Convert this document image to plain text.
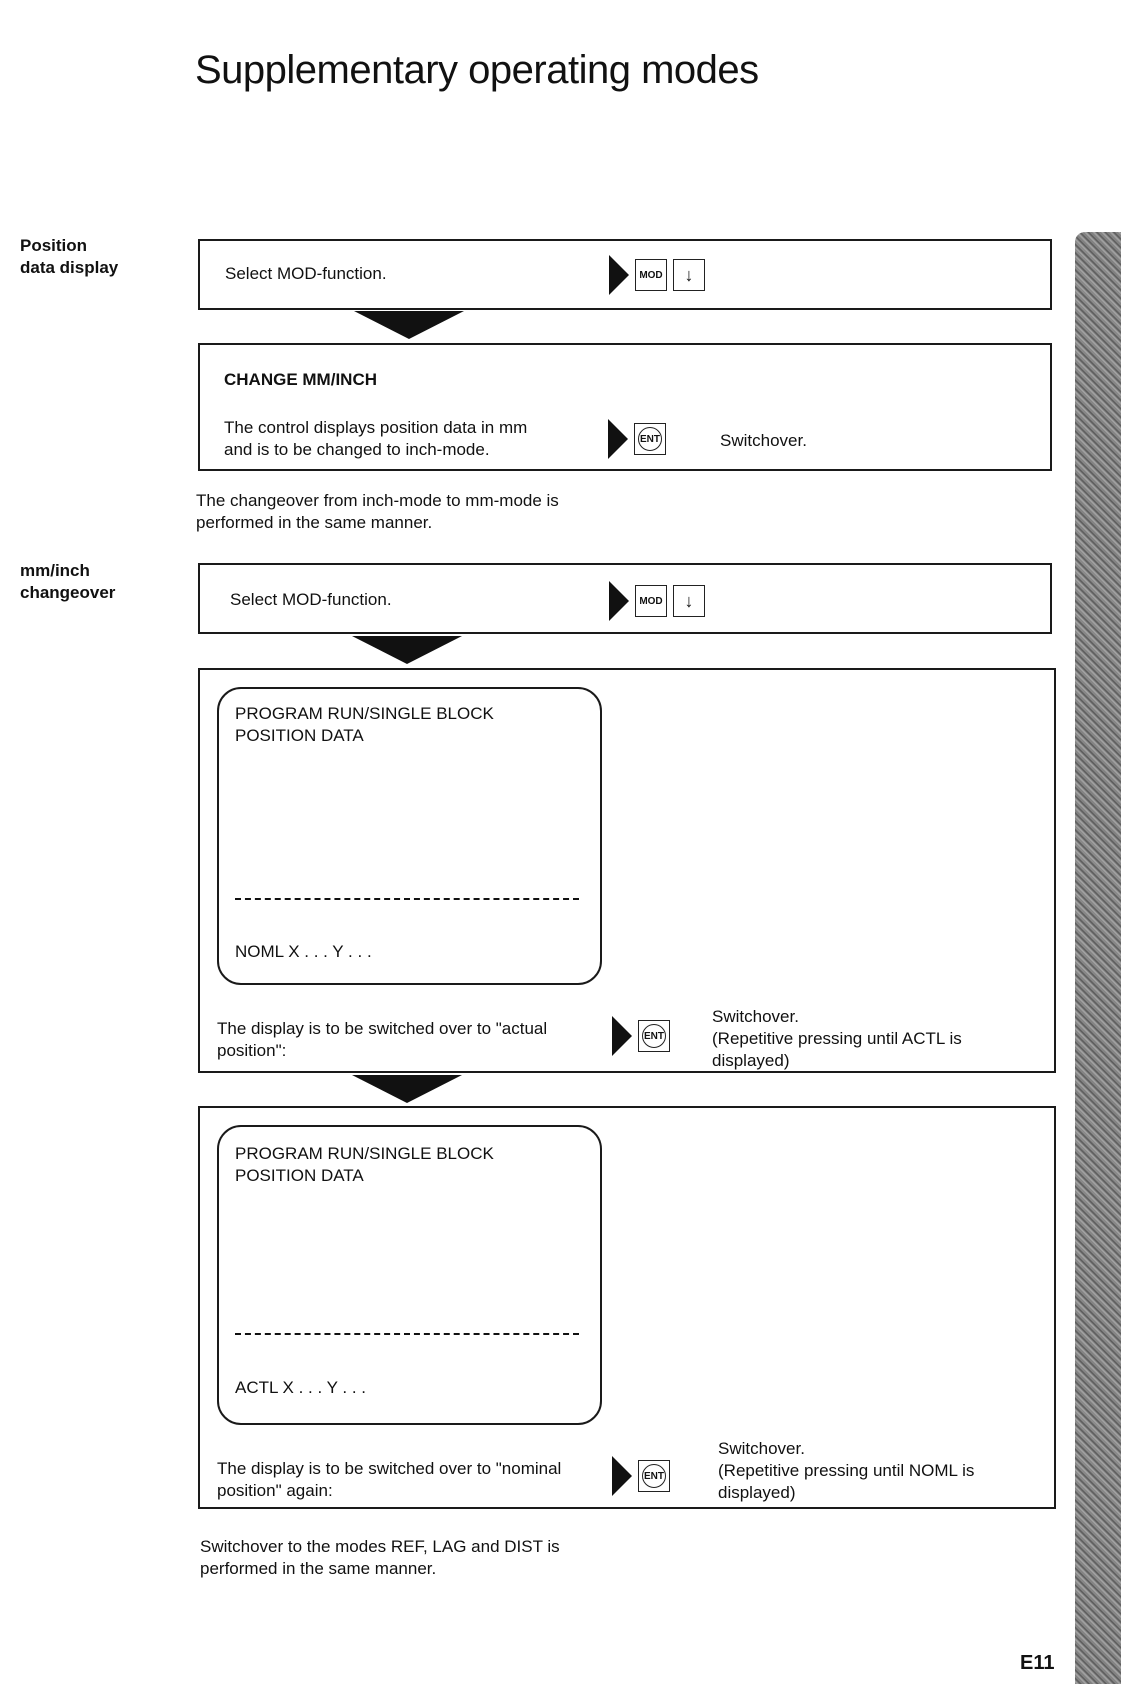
Supplementary operating modes
Position
data display
mm/inch
changeover
Select MOD-function.	MOD	↓
CHANGE MM/INCH
The control displays position data in mm
and is to be changed to inch-mode.
ENT	Switchover.
The changeover from inch-mode to mm-mode is
performed in the same manner.
Select MOD-function.	MOD	↓
PROGRAM RUN/SINGLE BLOCK
POSITION DATA
NOML X . . . Y . . .
The display is to be switched over to "actual
position":
ENT
Switchover.
(Repetitive pressing until ACTL is
displayed)
PROGRAM RUN/SINGLE BLOCK
POSITION DATA
ACTL X . . . Y . . .
The display is to be switched over to "nominal
position" again:
ENT
Switchover.
(Repetitive pressing until NOML is
displayed)
Switchover to the modes REF, LAG and DIST is
performed in the same manner.
E11
